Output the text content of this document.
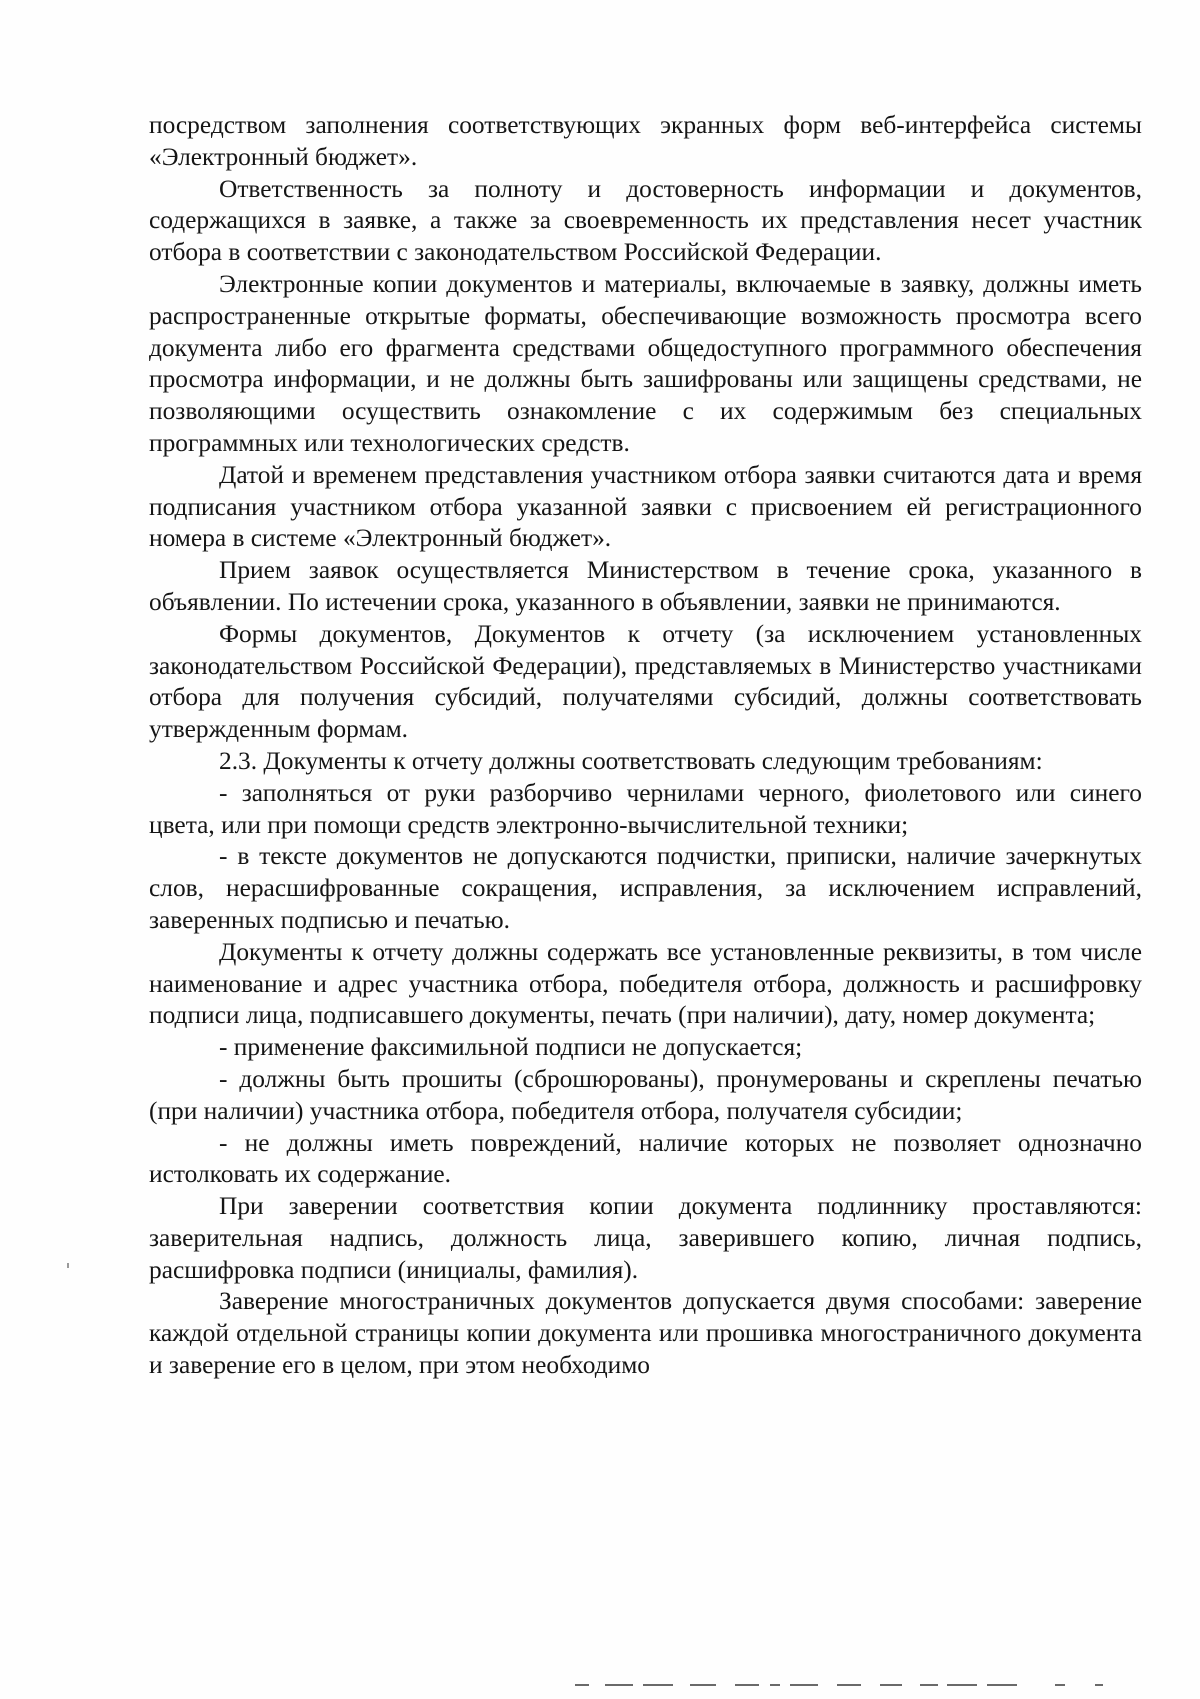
посредством заполнения соответствующих экранных форм веб-интерфейса системы «Электронный бюджет».

Ответственность за полноту и достоверность информации и документов, содержащихся в заявке, а также за своевременность их представления несет участник отбора в соответствии с законодательством Российской Федерации.

Электронные копии документов и материалы, включаемые в заявку, должны иметь распространенные открытые форматы, обеспечивающие возможность просмотра всего документа либо его фрагмента средствами общедоступного программного обеспечения просмотра информации, и не должны быть зашифрованы или защищены средствами, не позволяющими осуществить ознакомление с их содержимым без специальных программных или технологических средств.

Датой и временем представления участником отбора заявки считаются дата и время подписания участником отбора указанной заявки с присвоением ей регистрационного номера в системе «Электронный бюджет».

Прием заявок осуществляется Министерством в течение срока, указанного в объявлении. По истечении срока, указанного в объявлении, заявки не принимаются.

Формы документов, Документов к отчету (за исключением установленных законодательством Российской Федерации), представляемых в Министерство участниками отбора для получения субсидий, получателями субсидий, должны соответствовать утвержденным формам.

2.3. Документы к отчету должны соответствовать следующим требованиям:

- заполняться от руки разборчиво чернилами черного, фиолетового или синего цвета, или при помощи средств электронно-вычислительной техники;

- в тексте документов не допускаются подчистки, приписки, наличие зачеркнутых слов, нерасшифрованные сокращения, исправления, за исключением исправлений, заверенных подписью и печатью.

Документы к отчету должны содержать все установленные реквизиты, в том числе наименование и адрес участника отбора, победителя отбора, должность и расшифровку подписи лица, подписавшего документы, печать (при наличии), дату, номер документа;

- применение факсимильной подписи не допускается;

- должны быть прошиты (сброшюрованы), пронумерованы и скреплены печатью (при наличии) участника отбора, победителя отбора, получателя субсидии;

- не должны иметь повреждений, наличие которых не позволяет однозначно истолковать их содержание.

При заверении соответствия копии документа подлиннику проставляются: заверительная надпись, должность лица, заверившего копию, личная подпись, расшифровка подписи (инициалы, фамилия).

Заверение многостраничных документов допускается двумя способами: заверение каждой отдельной страницы копии документа или прошивка многостраничного документа и заверение его в целом, при этом необходимо
